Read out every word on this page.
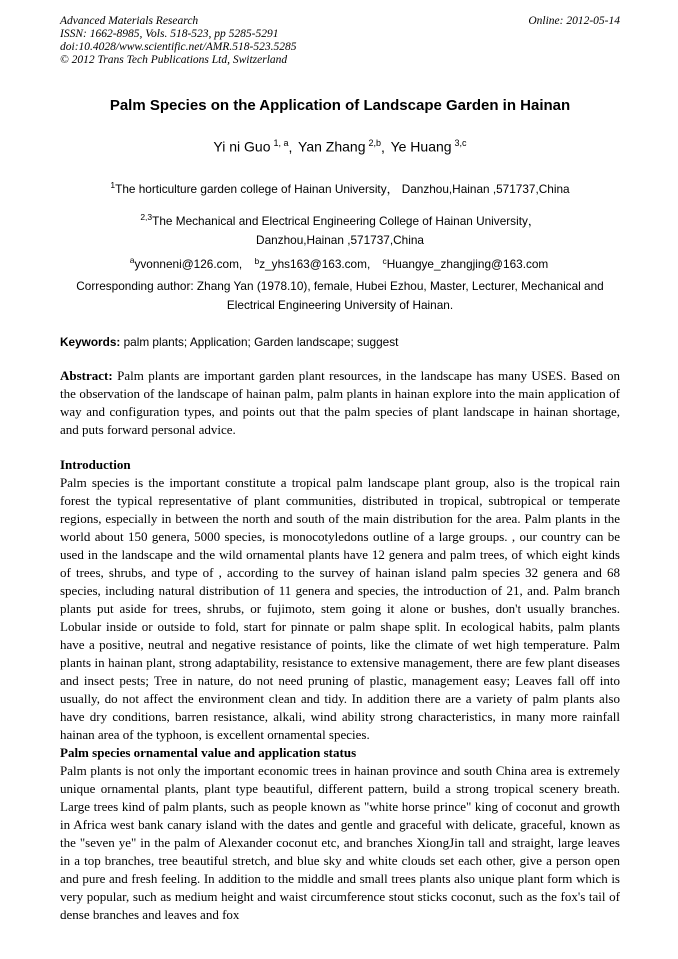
Advanced Materials Research
ISSN: 1662-8985, Vols. 518-523, pp 5285-5291
doi:10.4028/www.scientific.net/AMR.518-523.5285
© 2012 Trans Tech Publications Ltd, Switzerland
Online: 2012-05-14
Palm Species on the Application of Landscape Garden in Hainan
Yi ni Guo $^{1, a}$, Yan Zhang $^{2,b}$, Ye Huang $^{3,c}$
$^1$The horticulture garden college of Hainan University， Danzhou,Hainan ,571737,China
$^{2,3}$The Mechanical and Electrical Engineering College of Hainan University，
Danzhou,Hainan ,571737,China
$^a$yvonneni@126.com, $^b$z_yhs163@163.com, $^c$Huangye_zhangjing@163.com
Corresponding author: Zhang Yan (1978.10), female, Hubei Ezhou, Master, Lecturer, Mechanical and Electrical Engineering University of Hainan.
Keywords: palm plants; Application; Garden landscape; suggest

Abstract: Palm plants are important garden plant resources, in the landscape has many USES. Based on the observation of the landscape of hainan palm, palm plants in hainan explore into the main application of way and configuration types, and points out that the palm species of plant landscape in hainan shortage, and puts forward personal advice.

Introduction

Palm species is the important constitute a tropical palm landscape plant group, also is the tropical rain forest the typical representative of plant communities, distributed in tropical, subtropical or temperate regions, especially in between the north and south of the main distribution for the area. Palm plants in the world about 150 genera, 5000 species, is monocotyledons outline of a large groups. , our country can be used in the landscape and the wild ornamental plants have 12 genera and palm trees, of which eight kinds of trees, shrubs, and type of , according to the survey of hainan island palm species 32 genera and 68 species, including natural distribution of 11 genera and species, the introduction of 21, and. Palm branch plants put aside for trees, shrubs, or fujimoto, stem going it alone or bushes, don't usually branches. Lobular inside or outside to fold, start for pinnate or palm shape split. In ecological habits, palm plants have a positive, neutral and negative resistance of points, like the climate of wet high temperature. Palm plants in hainan plant, strong adaptability, resistance to extensive management, there are few plant diseases and insect pests; Tree in nature, do not need pruning of plastic, management easy; Leaves fall off into usually, do not affect the environment clean and tidy. In addition there are a variety of palm plants also have dry conditions, barren resistance, alkali, wind ability strong characteristics, in many more rainfall hainan area of the typhoon, is excellent ornamental species.

Palm species ornamental value and application status

Palm plants is not only the important economic trees in hainan province and south China area is extremely unique ornamental plants, plant type beautiful, different pattern, build a strong tropical scenery breath. Large trees kind of palm plants, such as people known as "white horse prince" king of coconut and growth in Africa west bank canary island with the dates and gentle and graceful with delicate, graceful, known as the "seven ye" in the palm of Alexander coconut etc, and branches XiongJin tall and straight, large leaves in a top branches, tree beautiful stretch, and blue sky and white clouds set each other, give a person open and pure and fresh feeling. In addition to the middle and small trees plants also unique plant form which is very popular, such as medium height and waist circumference stout sticks coconut, such as the fox's tail of dense branches and leaves and fox
